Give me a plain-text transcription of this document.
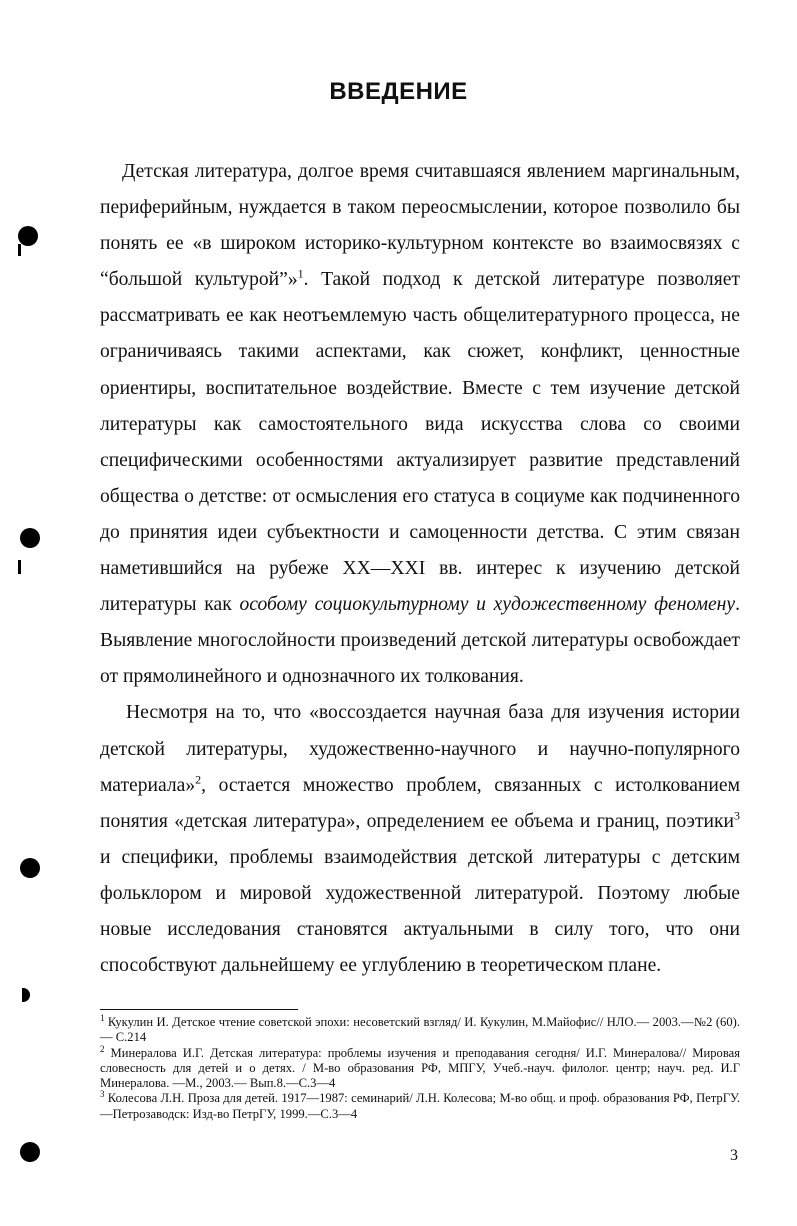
ВВЕДЕНИЕ

Детская литература, долгое время считавшаяся явлением маргинальным, периферийным, нуждается в таком переосмыслении, которое позволило бы понять ее «в широком историко-культурном контексте во взаимосвязях с “большой культурой”»$^1$. Такой подход к детской литературе позволяет рассматривать ее как неотъемлемую часть общелитературного процесса, не ограничиваясь такими аспектами, как сюжет, конфликт, ценностные ориентиры, воспитательное воздействие. Вместе с тем изучение детской литературы как самостоятельного вида искусства слова со своими специфическими особенностями актуализирует развитие представлений общества о детстве: от осмысления его статуса в социуме как подчиненного до принятия идеи субъектности и самоценности детства. С этим связан наметившийся на рубеже XX—XXI вв. интерес к изучению детской литературы как особому социокультурному и художественному феномену. Выявление многослойности произведений детской литературы освобождает от прямолинейного и однозначного их толкования.

Несмотря на то, что «воссоздается научная база для изучения истории детской литературы, художественно-научного и научно-популярного материала»$^2$, остается множество проблем, связанных с истолкованием понятия «детская литература», определением ее объема и границ, поэтики$^3$ и специфики, проблемы взаимодействия детской литературы с детским фольклором и мировой художественной литературой. Поэтому любые новые исследования становятся актуальными в силу того, что они способствуют дальнейшему ее углублению в теоретическом плане.

$^1$ Кукулин И. Детское чтение советской эпохи: несоветский взгляд/ И. Кукулин, М.Майофис// НЛО.— 2003.—№2 (60).— С.214

$^2$ Минералова И.Г. Детская литература: проблемы изучения и преподавания сегодня/ И.Г. Минералова// Мировая словесность для детей и о детях. / М-во образования РФ, МПГУ, Учеб.-науч. филолог. центр; науч. ред. И.Г Минералова. —М., 2003.— Вып.8.—С.3—4

$^3$ Колесова Л.Н. Проза для детей. 1917—1987: семинарий/ Л.Н. Колесова; М-во общ. и проф. образования РФ, ПетрГУ.—Петрозаводск: Изд-во ПетрГУ, 1999.—С.3—4

3
